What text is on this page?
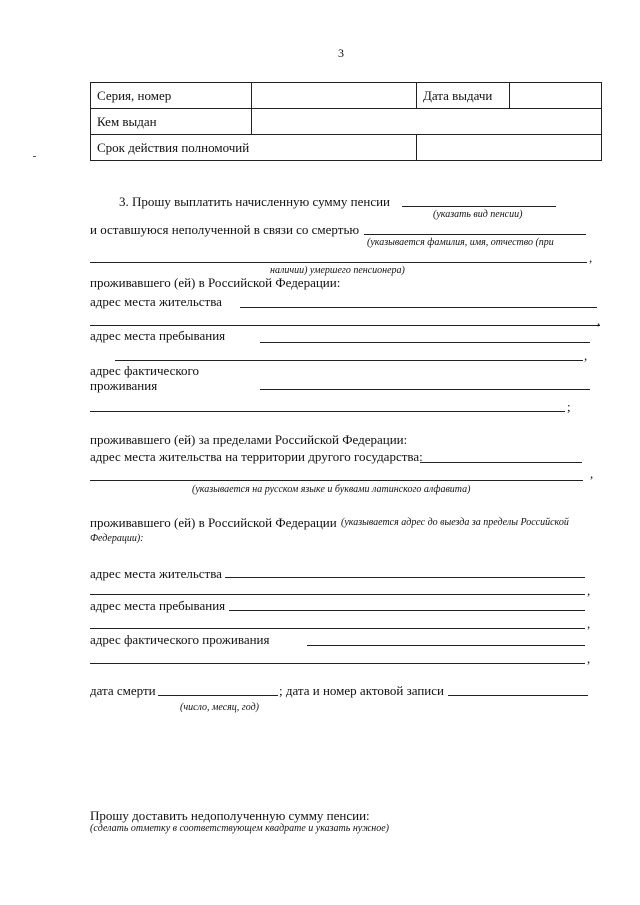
3
Серия, номер		Дата выдачи	
Кем выдан			
Срок действия полномочий			
3. Прошу выплатить начисленную сумму пенсии
(указать вид пенсии)
и оставшуюся неполученной в связи со смертью
(указывается фамилия, имя, отчество (при
,
наличии) умершего пенсионера)
проживавшего (ей) в Российской Федерации:
адрес места жительства
,
адрес места пребывания
,
адрес фактического
проживания
;
проживавшего (ей) за пределами Российской Федерации:
адрес места жительства на территории другого государства:
,
(указывается на русском языке и буквами латинского алфавита)
проживавшего (ей) в Российской Федерации (указывается адрес до выезда за пределы Российской
Федерации):
адрес места жительства
,
адрес места пребывания
,
адрес фактического проживания
,
дата смерти	; дата и номер актовой записи
(число, месяц, год)
Прошу доставить недополученную сумму пенсии:
(сделать отметку в соответствующем квадрате и указать нужное)
